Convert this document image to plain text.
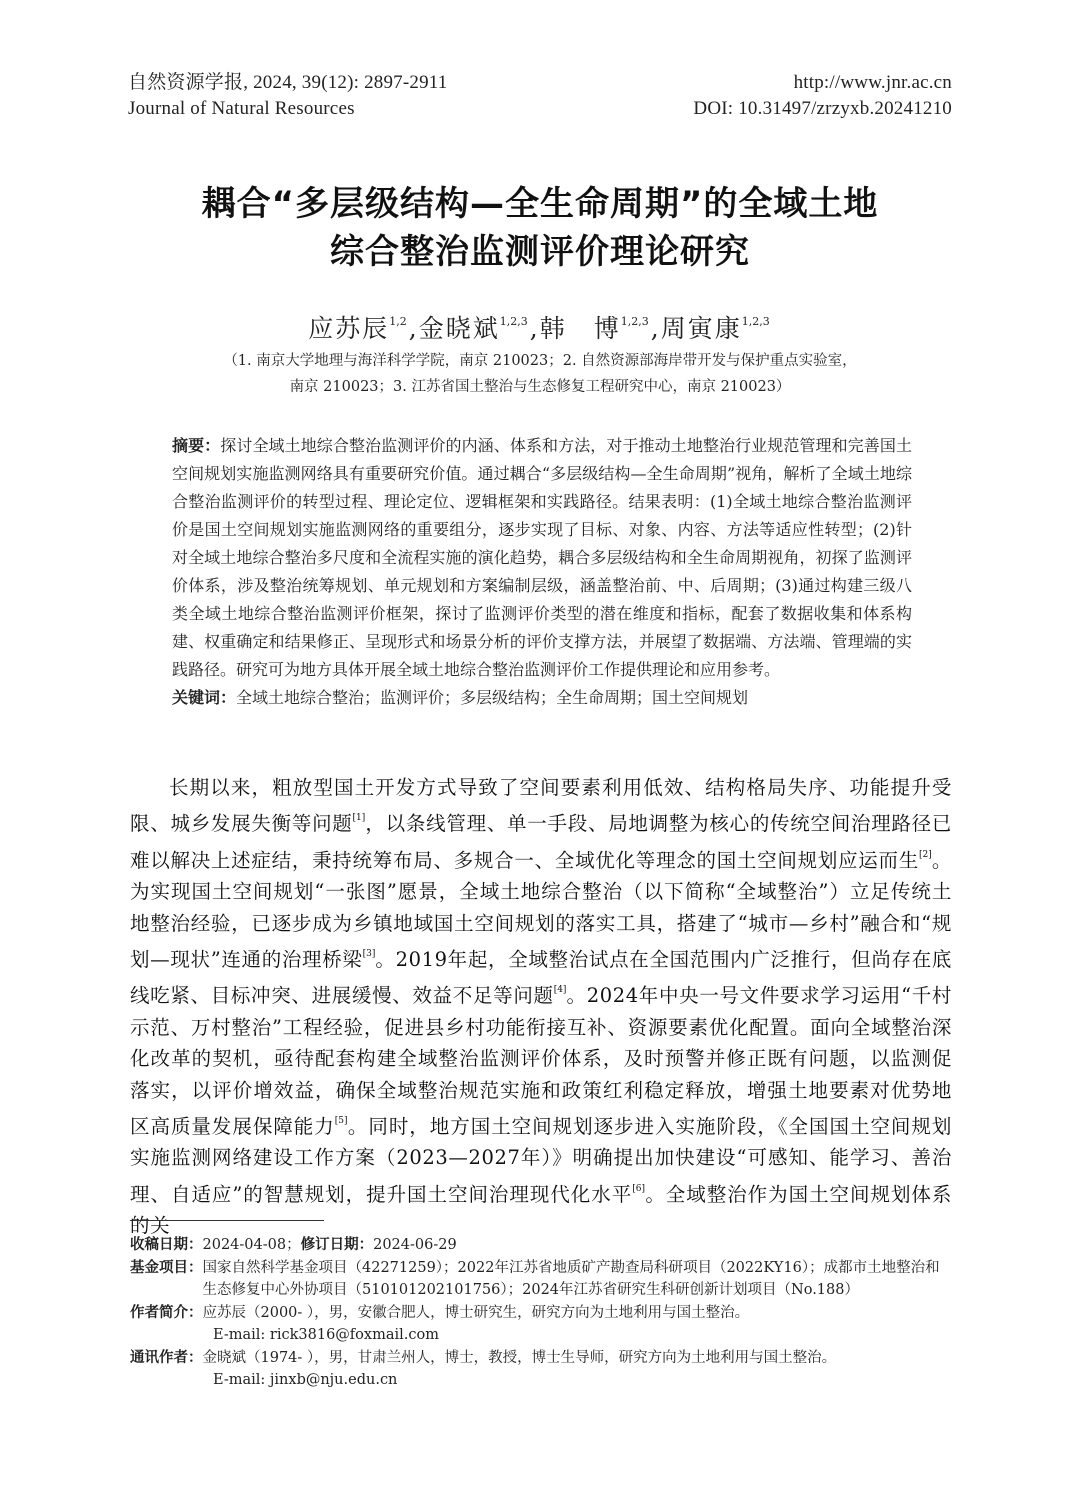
自然资源学报, 2024, 39(12): 2897-2911
Journal of Natural Resources
http://www.jnr.ac.cn
DOI: 10.31497/zrzyxb.20241210
耦合“多层级结构—全生命周期”的全域土地
综合整治监测评价理论研究
应苏辰$^{1,2}$,金晓斌$^{1,2,3}$,韩　博$^{1,2,3}$,周寅康$^{1,2,3}$
（1. 南京大学地理与海洋科学学院，南京 210023；2. 自然资源部海岸带开发与保护重点实验室，
南京 210023；3. 江苏省国土整治与生态修复工程研究中心，南京 210023）
摘要：探讨全域土地综合整治监测评价的内涵、体系和方法，对于推动土地整治行业规范管理和完善国土空间规划实施监测网络具有重要研究价值。通过耦合“多层级结构—全生命周期”视角，解析了全域土地综合整治监测评价的转型过程、理论定位、逻辑框架和实践路径。结果表明：(1)全域土地综合整治监测评价是国土空间规划实施监测网络的重要组分，逐步实现了目标、对象、内容、方法等适应性转型；(2)针对全域土地综合整治多尺度和全流程实施的演化趋势，耦合多层级结构和全生命周期视角，初探了监测评价体系，涉及整治统筹规划、单元规划和方案编制层级，涵盖整治前、中、后周期；(3)通过构建三级八类全域土地综合整治监测评价框架，探讨了监测评价类型的潜在维度和指标，配套了数据收集和体系构建、权重确定和结果修正、呈现形式和场景分析的评价支撑方法，并展望了数据端、方法端、管理端的实践路径。研究可为地方具体开展全域土地综合整治监测评价工作提供理论和应用参考。
关键词：全域土地综合整治；监测评价；多层级结构；全生命周期；国土空间规划
长期以来，粗放型国土开发方式导致了空间要素利用低效、结构格局失序、功能提升受限、城乡发展失衡等问题[1]，以条线管理、单一手段、局地调整为核心的传统空间治理路径已难以解决上述症结，秉持统筹布局、多规合一、全域优化等理念的国土空间规划应运而生[2]。为实现国土空间规划“一张图”愿景，全域土地综合整治（以下简称“全域整治”）立足传统土地整治经验，已逐步成为乡镇地域国土空间规划的落实工具，搭建了“城市—乡村”融合和“规划—现状”连通的治理桥梁[3]。2019年起，全域整治试点在全国范围内广泛推行，但尚存在底线吃紧、目标冲突、进展缓慢、效益不足等问题[4]。2024年中央一号文件要求学习运用“千村示范、万村整治”工程经验，促进县乡村功能衔接互补、资源要素优化配置。面向全域整治深化改革的契机，亟待配套构建全域整治监测评价体系，及时预警并修正既有问题，以监测促落实，以评价增效益，确保全域整治规范实施和政策红利稳定释放，增强土地要素对优势地区高质量发展保障能力[5]。同时，地方国土空间规划逐步进入实施阶段，《全国国土空间规划实施监测网络建设工作方案（2023—2027年）》明确提出加快建设“可感知、能学习、善治理、自适应”的智慧规划，提升国土空间治理现代化水平[6]。全域整治作为国土空间规划体系的关
收稿日期： 2024-04-08； 修订日期： 2024-06-29
基金项目： 国家自然科学基金项目（42271259）；2022年江苏省地质矿产勘查局科研项目（2022KY16）；成都市土地整治和生态修复中心外协项目（510101202101756）；2024年江苏省研究生科研创新计划项目（No.188）
作者简介： 应苏辰（2000- ），男，安徽合肥人，博士研究生，研究方向为土地利用与国土整治。
E-mail: rick3816@foxmail.com
通讯作者： 金晓斌（1974- ），男，甘肃兰州人，博士，教授，博士生导师，研究方向为土地利用与国土整治。
E-mail: jinxb@nju.edu.cn
